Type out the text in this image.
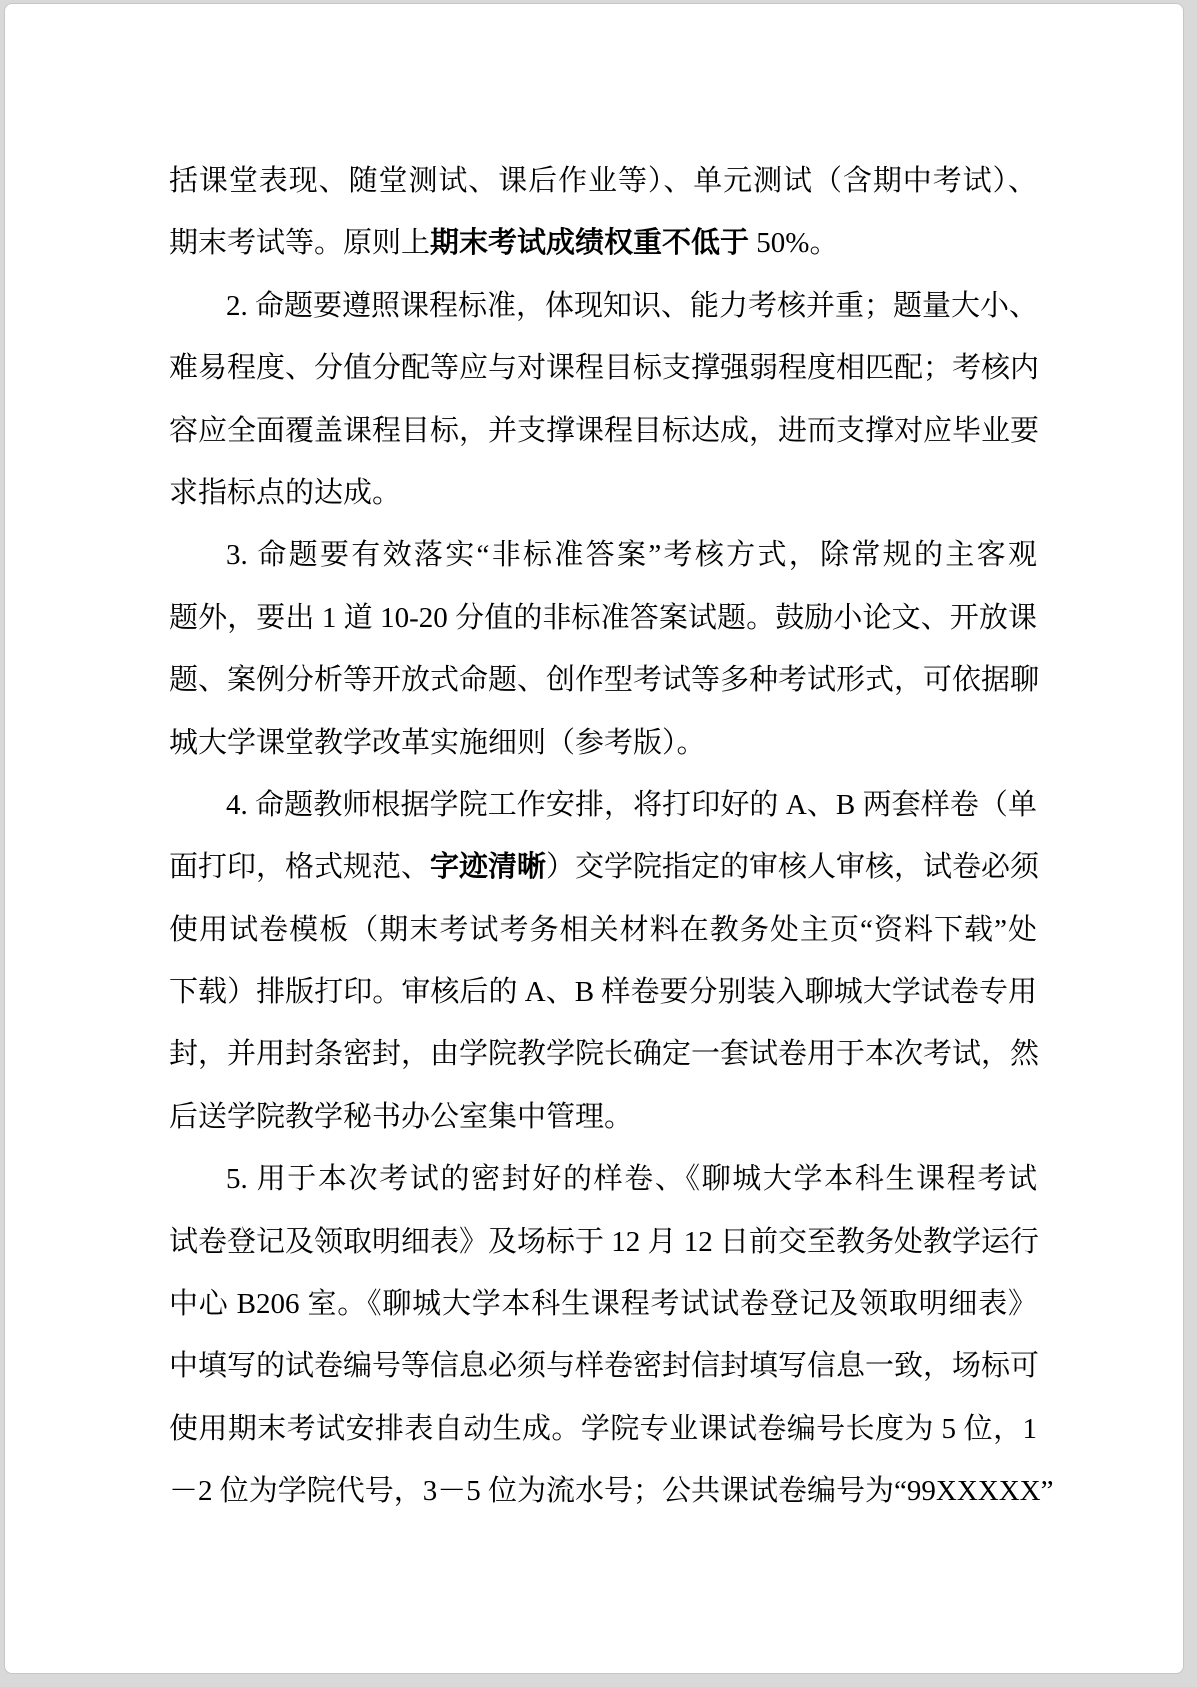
括课堂表现、随堂测试、课后作业等）、单元测试（含期中考试）、
期末考试等。原则上期末考试成绩权重不低于 50%。
2. 命题要遵照课程标准，体现知识、能力考核并重；题量大小、
难易程度、分值分配等应与对课程目标支撑强弱程度相匹配；考核内
容应全面覆盖课程目标，并支撑课程目标达成，进而支撑对应毕业要
求指标点的达成。
3. 命题要有效落实“非标准答案”考核方式，除常规的主客观
题外，要出 1 道 10-20 分值的非标准答案试题。鼓励小论文、开放课
题、案例分析等开放式命题、创作型考试等多种考试形式，可依据聊
城大学课堂教学改革实施细则（参考版）。
4. 命题教师根据学院工作安排，将打印好的 A、B 两套样卷（单
面打印，格式规范、字迹清晰）交学院指定的审核人审核，试卷必须
使用试卷模板（期末考试考务相关材料在教务处主页“资料下载”处
下载）排版打印。审核后的 A、B 样卷要分别装入聊城大学试卷专用
封，并用封条密封，由学院教学院长确定一套试卷用于本次考试，然
后送学院教学秘书办公室集中管理。
5. 用于本次考试的密封好的样卷、《聊城大学本科生课程考试
试卷登记及领取明细表》及场标于 12 月 12 日前交至教务处教学运行
中心 B206 室。《聊城大学本科生课程考试试卷登记及领取明细表》
中填写的试卷编号等信息必须与样卷密封信封填写信息一致，场标可
使用期末考试安排表自动生成。学院专业课试卷编号长度为 5 位，1
－2 位为学院代号，3－5 位为流水号；公共课试卷编号为“99XXXXX”
